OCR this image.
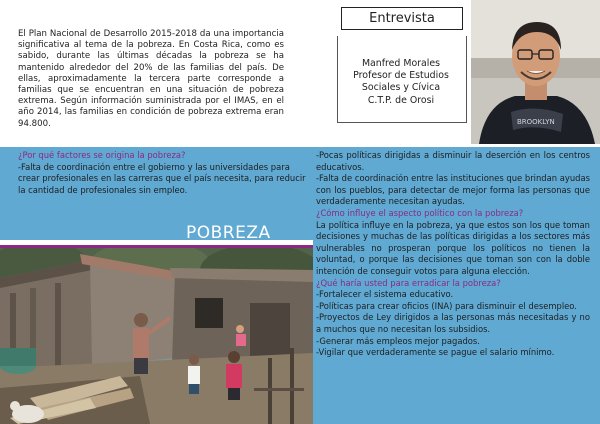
El Plan Nacional de Desarrollo 2015-2018 da una importancia significativa al tema de la pobreza. En Costa Rica, como es sabido, durante las últimas décadas la pobreza se ha mantenido alrededor del 20% de las familias del país. De ellas, aproximadamente la tercera parte corresponde a familias que se encuentran en una situación de pobreza extrema. Según información suministrada por el IMAS, en el año 2014, las familias en condición de pobreza extrema eran 94.800.
Entrevista
Manfred Morales
Profesor de Estudios
Sociales y Cívica
C.T.P. de Orosi
BROOKLYN
¿Por qué factores se origina la pobreza?
-Falta de coordinación entre el gobierno y las universidades para crear profesionales en las carreras que el país necesita, para reducir la cantidad de profesionales sin empleo.
POBREZA
-Pocas políticas dirigidas a disminuir la deserción en los centros educativos.
-Falta de coordinación entre las instituciones que brindan ayudas con los pueblos, para detectar de mejor forma las personas que verdaderamente necesitan ayudas.
¿Cómo influye el aspecto político con la pobreza?
La política influye en la pobreza, ya que estos son los que toman decisiones y muchas de las políticas dirigidas a los sectores más vulnerables no prosperan porque los políticos no tienen la voluntad, o porque las decisiones que toman son con la doble intención de conseguir votos para alguna elección.
¿Qué haría usted para erradicar la pobreza?
-Fortalecer el sistema educativo.
-Políticas para crear oficios (INA) para disminuir el desempleo.
-Proyectos de Ley dirigidos a las personas más necesitadas y no a muchos que no necesitan los subsidios.
-Generar más empleos mejor pagados.
-Vigilar que verdaderamente se pague el salario mínimo.
